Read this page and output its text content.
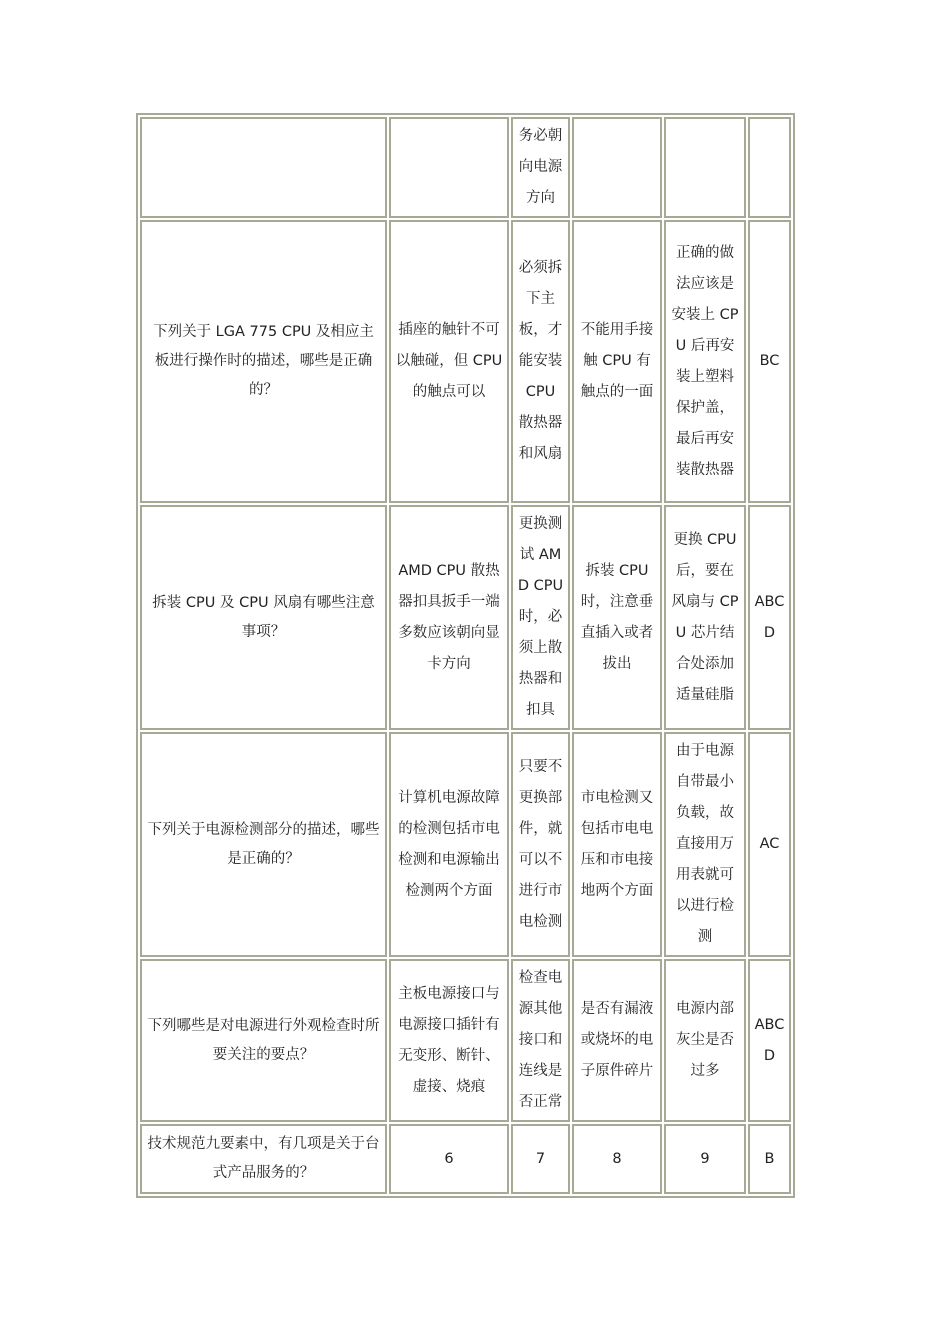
		务必朝向电源方向			
下列关于 LGA 775 CPU 及相应主板进行操作时的描述，哪些是正确的？	插座的触针不可以触碰，但 CPU 的触点可以	必须拆下主板，才能安装 CPU 散热器和风扇	不能用手接触 CPU 有触点的一面	正确的做法应该是安装上 CPU 后再安装上塑料保护盖，最后再安装散热器	BC
拆装 CPU 及 CPU 风扇有哪些注意事项？	AMD CPU 散热器扣具扳手一端多数应该朝向显卡方向	更换测试 AMD CPU 时，必须上散热器和扣具	拆装 CPU 时，注意垂直插入或者拔出	更换 CPU 后，要在风扇与 CPU 芯片结合处添加适量硅脂	ABCD
下列关于电源检测部分的描述，哪些是正确的？	计算机电源故障的检测包括市电检测和电源输出检测两个方面	只要不更换部件，就可以不进行市电检测	市电检测又包括市电电压和市电接地两个方面	由于电源自带最小负载，故直接用万用表就可以进行检测	AC
下列哪些是对电源进行外观检查时所要关注的要点？	主板电源接口与电源接口插针有无变形、断针、虚接、烧痕	检查电源其他接口和连线是否正常	是否有漏液或烧坏的电子原件碎片	电源内部灰尘是否过多	ABCD
技术规范九要素中，有几项是关于台式产品服务的？	6	7	8	9	B
